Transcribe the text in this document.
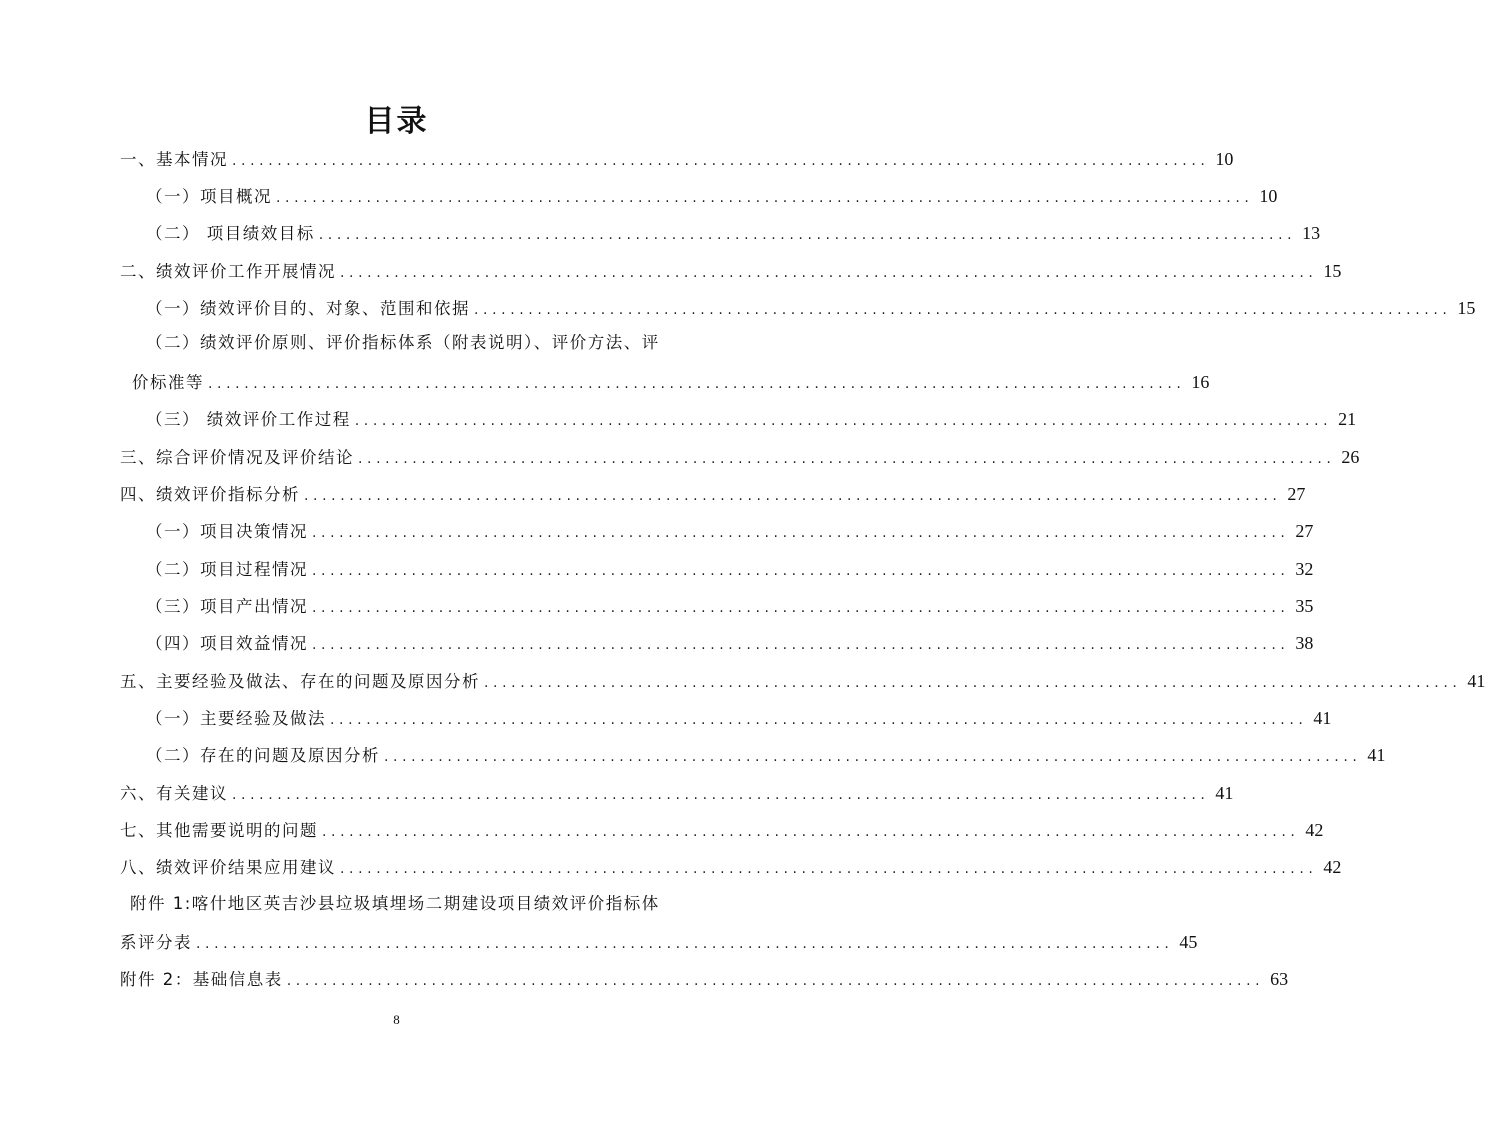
目录
一、基本情况 ............................................................................................................ 10
（一）项目概况 ............................................................................................................ 10
（二） 项目绩效目标 ............................................................................................................ 13
二、绩效评价工作开展情况 ............................................................................................................ 15
（一）绩效评价目的、对象、范围和依据 ............................................................................................................ 15
（二）绩效评价原则、评价指标体系（附表说明）、评价方法、评
价标准等 ............................................................................................................ 16
（三） 绩效评价工作过程 ............................................................................................................ 21
三、综合评价情况及评价结论 ............................................................................................................ 26
四、绩效评价指标分析 ............................................................................................................ 27
（一）项目决策情况 ............................................................................................................ 27
（二）项目过程情况 ............................................................................................................ 32
（三）项目产出情况 ............................................................................................................ 35
（四）项目效益情况 ............................................................................................................ 38
五、主要经验及做法、存在的问题及原因分析 ............................................................................................................ 41
（一）主要经验及做法 ............................................................................................................ 41
（二）存在的问题及原因分析 ............................................................................................................ 41
六、有关建议 ............................................................................................................ 41
七、其他需要说明的问题 ............................................................................................................ 42
八、绩效评价结果应用建议 ............................................................................................................ 42
附件 1:喀什地区英吉沙县垃圾填埋场二期建设项目绩效评价指标体
系评分表 ............................................................................................................ 45
附件 2：基础信息表 ............................................................................................................ 63
8
